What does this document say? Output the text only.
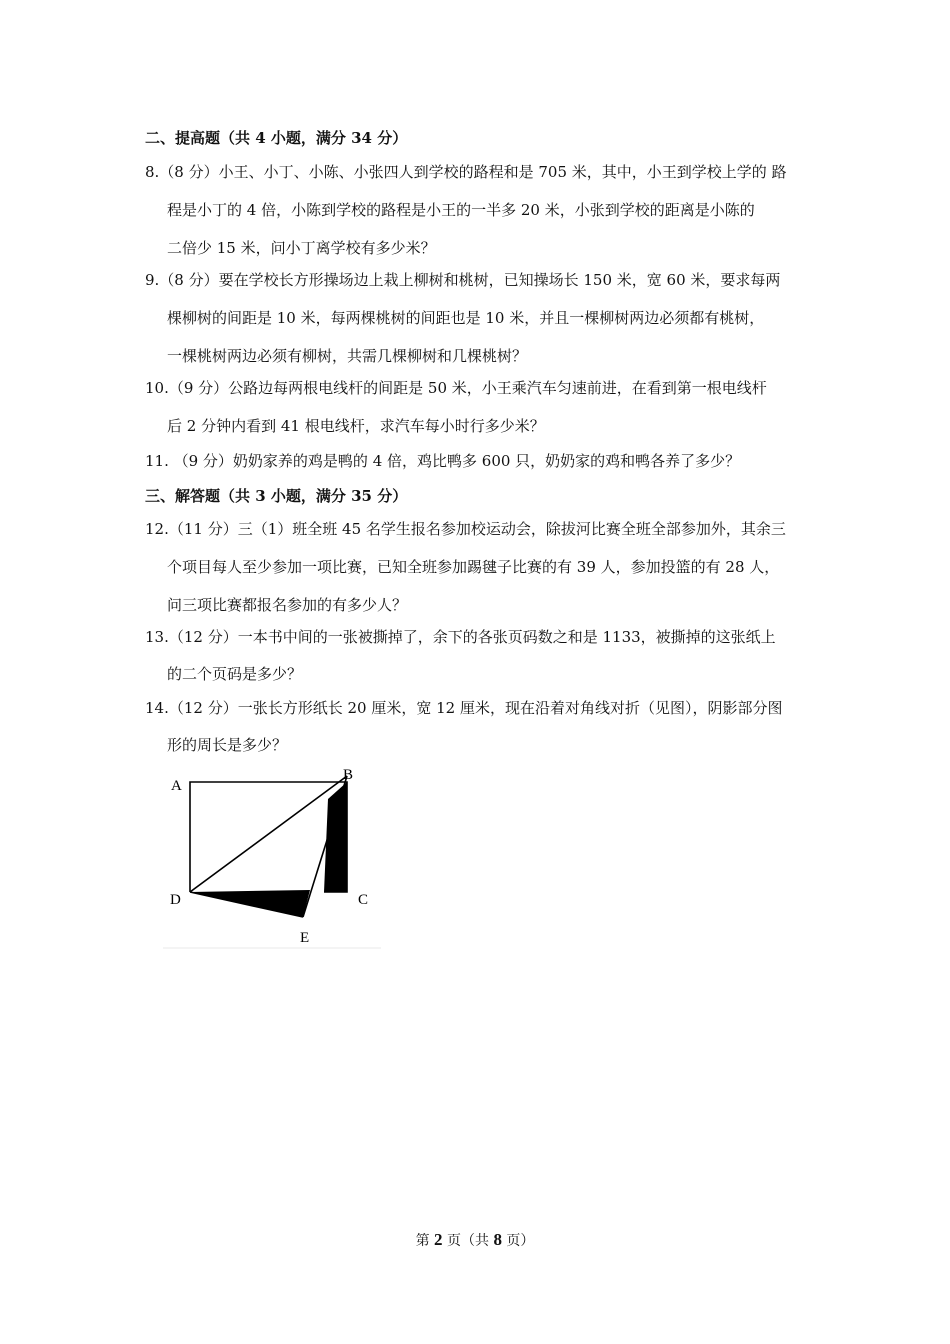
二、提高题（共 4 小题，满分 34 分）
8.（8 分）小王、小丁、小陈、小张四人到学校的路程和是 705 米，其中，小王到学校上学的 路
程是小丁的 4 倍，小陈到学校的路程是小王的一半多 20 米，小张到学校的距离是小陈的
二倍少 15 米，问小丁离学校有多少米？
9.（8 分）要在学校长方形操场边上栽上柳树和桃树，已知操场长 150 米，宽 60 米，要求每两
棵柳树的间距是 10 米，每两棵桃树的间距也是 10 米，并且一棵柳树两边必须都有桃树，
一棵桃树两边必须有柳树，共需几棵柳树和几棵桃树？
10.（9 分）公路边每两根电线杆的间距是 50 米，小王乘汽车匀速前进，在看到第一根电线杆
后 2 分钟内看到 41 根电线杆，求汽车每小时行多少米？
11. （9 分）奶奶家养的鸡是鸭的 4 倍，鸡比鸭多 600 只，奶奶家的鸡和鸭各养了多少？
三、解答题（共 3 小题，满分 35 分）
12.（11 分）三（1）班全班 45 名学生报名参加校运动会，除拔河比赛全班全部参加外，其余三
个项目每人至少参加一项比赛，已知全班参加踢毽子比赛的有 39 人，参加投篮的有 28 人，
问三项比赛都报名参加的有多少人？
13.（12 分）一本书中间的一张被撕掉了，余下的各张页码数之和是 1133，被撕掉的这张纸上
的二个页码是多少？
14.（12 分）一张长方形纸长 20 厘米，宽 12 厘米，现在沿着对角线对折（见图），阴影部分图
形的周长是多少？
A
B
C
D
E
第 2 页（共 8 页）
